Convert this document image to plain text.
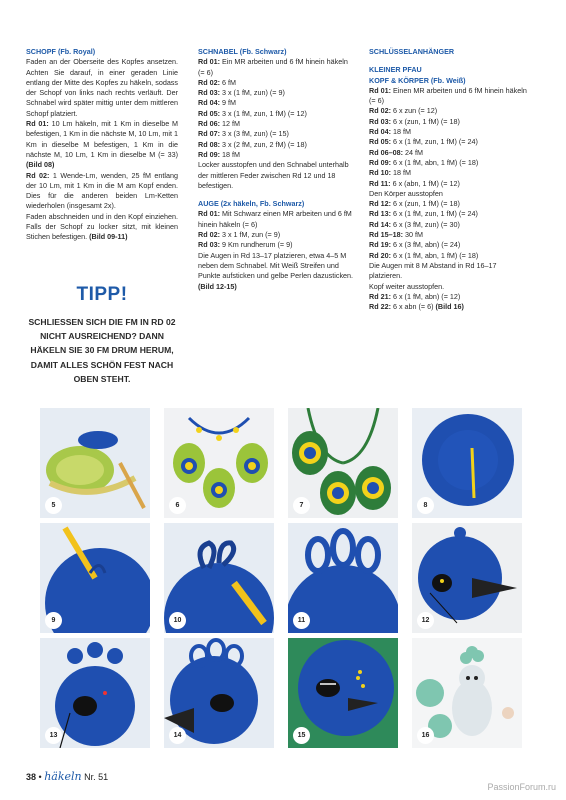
SCHOPF (Fb. Royal)

Faden an der Oberseite des Kopfes ansetzen. Achten Sie darauf, in einer geraden Linie entlang der Mitte des Kopfes zu häkeln, sodass der Schopf von links nach rechts verläuft. Der Schnabel wird später mittig unter dem mittleren Schopf platziert.

Rd 01: 10 Lm häkeln, mit 1 Km in dieselbe M befestigen, 1 Km in die nächste M, 10 Lm, mit 1 Km in dieselbe M befestigen, 1 Km in die nächste M, 10 Lm, 1 Km in dieselbe M (= 33) (Bild 08)

Rd 02: 1 Wende-Lm, wenden, 25 fM entlang der 10 Lm, mit 1 Km in die M am Kopf enden. Dies für die anderen beiden Lm-Ketten wiederholen (insgesamt 2x).

Faden abschneiden und in den Kopf einziehen. Falls der Schopf zu locker sitzt, mit kleinen Stichen befestigen. (Bild 09-11)

TIPP!
SCHLIESSEN SICH DIE FM IN RD 02 NICHT AUSREICHEND? DANN HÄKELN SIE 30 FM DRUM HERUM, DAMIT ALLES SCHÖN FEST NACH OBEN STEHT.

SCHNABEL (Fb. Schwarz)

Rd 01: Ein MR arbeiten und 6 fM hinein häkeln (= 6)

Rd 02: 6 fM

Rd 03: 3 x (1 fM, zun) (= 9)

Rd 04: 9 fM

Rd 05: 3 x (1 fM, zun, 1 fM) (= 12)

Rd 06: 12 fM

Rd 07: 3 x (3 fM, zun) (= 15)

Rd 08: 3 x (2 fM, zun, 2 fM) (= 18)

Rd 09: 18 fM

Locker ausstopfen und den Schnabel unterhalb der mittleren Feder zwischen Rd 12 und 18 befestigen.

AUGE (2x häkeln, Fb. Schwarz)

Rd 01: Mit Schwarz einen MR arbeiten und 6 fM hinein häkeln (= 6)

Rd 02: 3 x 1 fM, zun (= 9)

Rd 03: 9 Km rundherum (= 9)

Die Augen in Rd 13–17 platzieren, etwa 4–5 M neben dem Schnabel. Mit Weiß Streifen und Punkte aufsticken und gelbe Perlen dazusticken. (Bild 12-15)

SCHLÜSSELANHÄNGER

KLEINER PFAU

KOPF & KÖRPER (Fb. Weiß)

Rd 01: Einen MR arbeiten und 6 fM hinein häkeln (= 6)

Rd 02: 6 x zun (= 12)

Rd 03: 6 x (zun, 1 fM) (= 18)

Rd 04: 18 fM

Rd 05: 6 x (1 fM, zun, 1 fM) (= 24)

Rd 06–08: 24 fM

Rd 09: 6 x (1 fM, abn, 1 fM) (= 18)

Rd 10: 18 fM

Rd 11: 6 x (abn, 1 fM) (= 12)

Den Körper ausstopfen

Rd 12: 6 x (zun, 1 fM) (= 18)

Rd 13: 6 x (1 fM, zun, 1 fM) (= 24)

Rd 14: 6 x (3 fM, zun) (= 30)

Rd 15–18: 30 fM

Rd 19: 6 x (3 fM, abn) (= 24)

Rd 20: 6 x (1 fM, abn, 1 fM) (= 18)

Die Augen mit 8 M Abstand in Rd 16–17 platzieren.

Kopf weiter ausstopfen.

Rd 21: 6 x (1 fM, abn) (= 12)

Rd 22: 6 x abn (= 6) (Bild 16)

5	6	7	8
9	10	11	12
13	14	15	16
38 • häkeln Nr. 51
PassionForum.ru
